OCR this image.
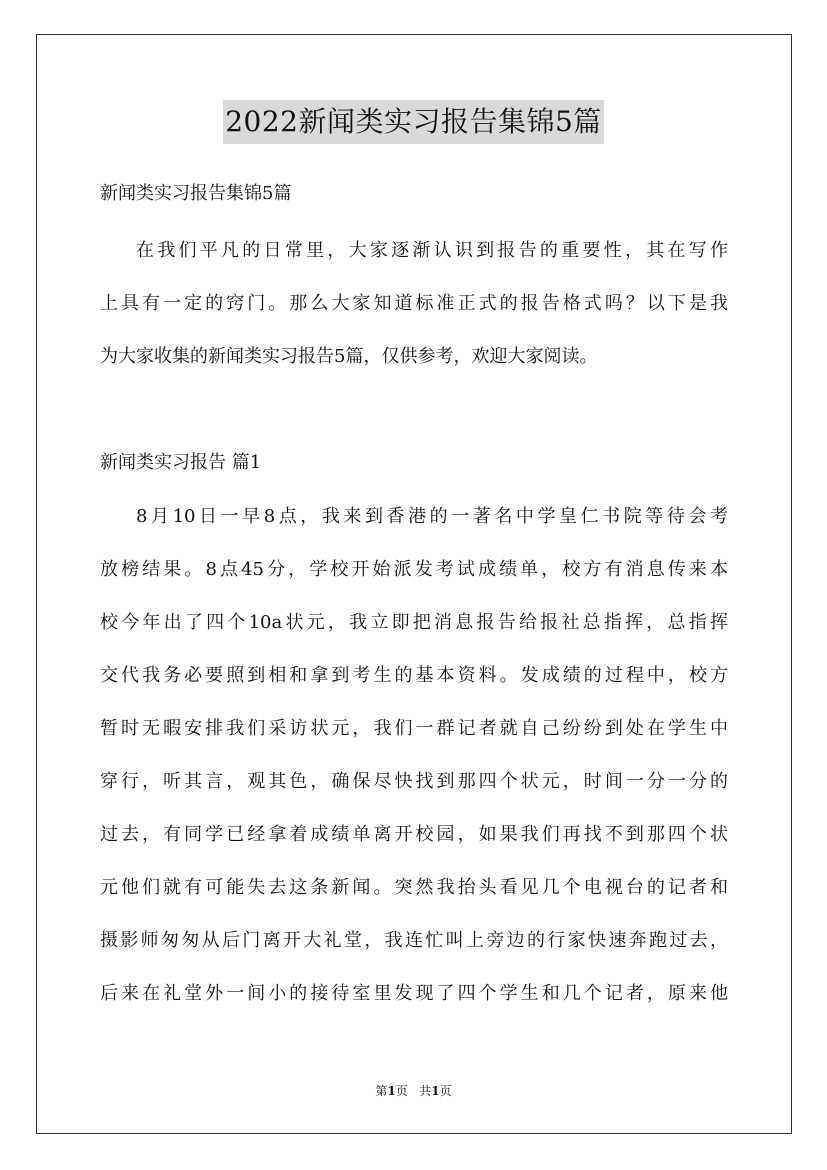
2022新闻类实习报告集锦5篇
新闻类实习报告集锦5篇
在我们平凡的日常里，大家逐渐认识到报告的重要性，其在写作
上具有一定的窍门。那么大家知道标准正式的报告格式吗？以下是我
为大家收集的新闻类实习报告5篇，仅供参考，欢迎大家阅读。
新闻类实习报告 篇1
8月10日一早8点，我来到香港的一著名中学皇仁书院等待会考
放榜结果。8点45分，学校开始派发考试成绩单，校方有消息传来本
校今年出了四个10a状元，我立即把消息报告给报社总指挥，总指挥
交代我务必要照到相和拿到考生的基本资料。发成绩的过程中，校方
暂时无暇安排我们采访状元，我们一群记者就自己纷纷到处在学生中
穿行，听其言，观其色，确保尽快找到那四个状元，时间一分一分的
过去，有同学已经拿着成绩单离开校园，如果我们再找不到那四个状
元他们就有可能失去这条新闻。突然我抬头看见几个电视台的记者和
摄影师匆匆从后门离开大礼堂，我连忙叫上旁边的行家快速奔跑过去，
后来在礼堂外一间小的接待室里发现了四个学生和几个记者，原来他
第1页 共1页
